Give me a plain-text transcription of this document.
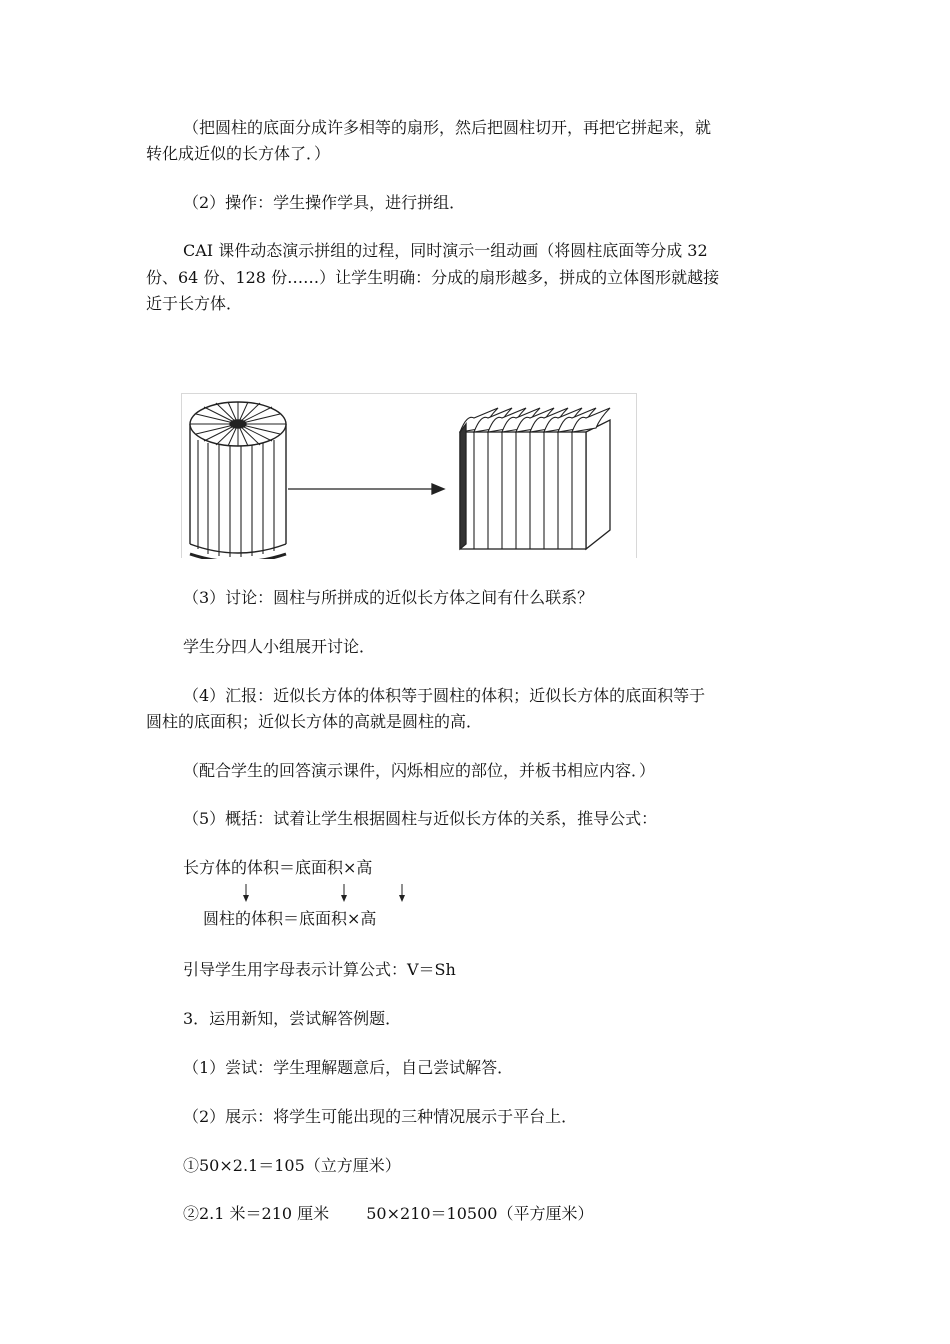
（把圆柱的底面分成许多相等的扇形，然后把圆柱切开，再把它拼起来，就
转化成近似的长方体了．）
（2）操作：学生操作学具，进行拼组．
CAI 课件动态演示拼组的过程，同时演示一组动画（将圆柱底面等分成 32
份、64 份、128 份……）让学生明确：分成的扇形越多，拼成的立体图形就越接
近于长方体．
（3）讨论：圆柱与所拼成的近似长方体之间有什么联系？
学生分四人小组展开讨论．
（4）汇报：近似长方体的体积等于圆柱的体积；近似长方体的底面积等于
圆柱的底面积；近似长方体的高就是圆柱的高．
（配合学生的回答演示课件，闪烁相应的部位，并板书相应内容．）
（5）概括：试着让学生根据圆柱与近似长方体的关系，推导公式：
长方体的体积＝底面积×高
圆柱的体积＝底面积×高
引导学生用字母表示计算公式：V＝Sh
3．运用新知，尝试解答例题．
（1）尝试：学生理解题意后，自己尝试解答．
（2）展示：将学生可能出现的三种情况展示于平台上．
①50×2.1＝105（立方厘米）
②2.1 米＝210 厘米　　 50×210＝10500（平方厘米）
